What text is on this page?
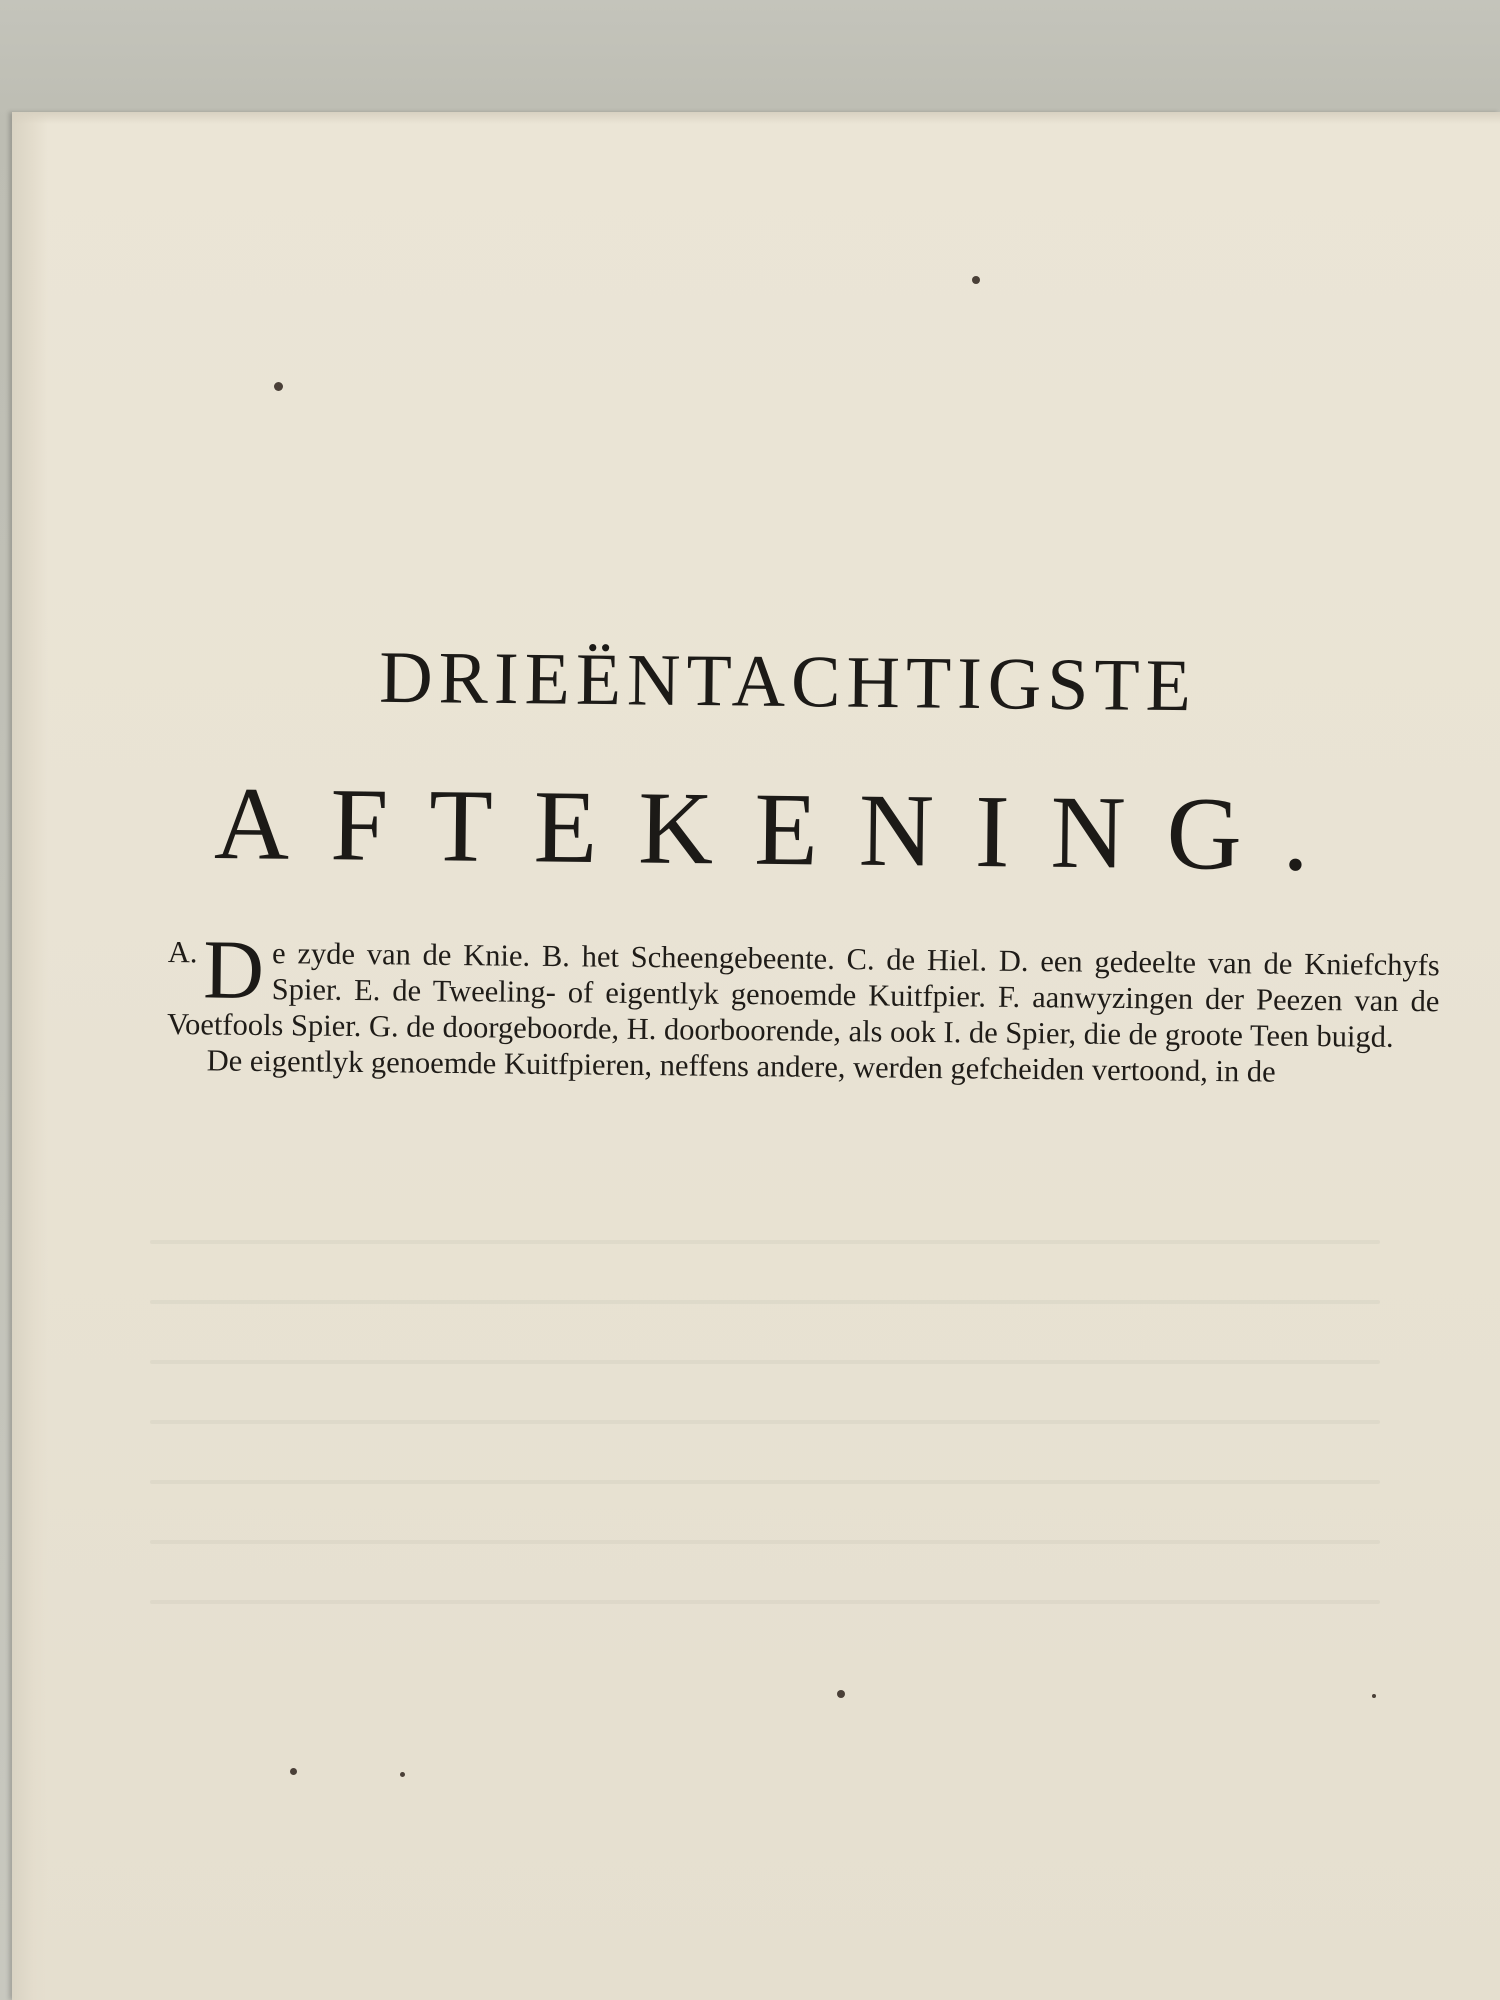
DRIEËNTACHTIGSTE
AFTEKENING.

A. D e zyde van de Knie. B. het Scheengebeente. C. de Hiel. D. een gedeelte van de Kniefchyfs Spier. E. de Tweeling- of eigentlyk genoemde Kuitfpier. F. aanwyzingen der Peezen van de Voetfools Spier. G. de doorgeboorde, H. doorboorende, als ook I. de Spier, die de groote Teen buigd.

De eigentlyk genoemde Kuitfpieren, neffens andere, werden gefcheiden vertoond, in de
